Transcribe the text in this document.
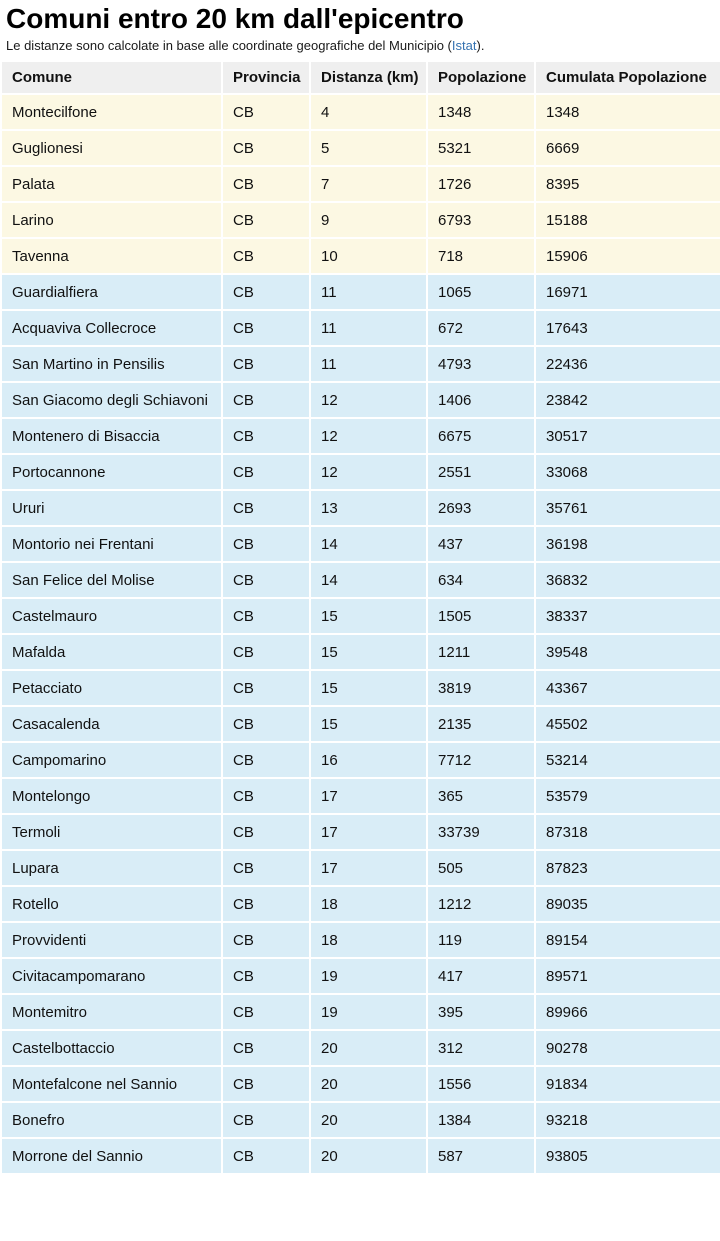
Comuni entro 20 km dall'epicentro

Le distanze sono calcolate in base alle coordinate geografiche del Municipio (Istat).

Comune	Provincia	Distanza (km)	Popolazione	Cumulata Popolazione
Montecilfone	CB	4	1348	1348
Guglionesi	CB	5	5321	6669
Palata	CB	7	1726	8395
Larino	CB	9	6793	15188
Tavenna	CB	10	718	15906
Guardialfiera	CB	11	1065	16971
Acquaviva Collecroce	CB	11	672	17643
San Martino in Pensilis	CB	11	4793	22436
San Giacomo degli Schiavoni	CB	12	1406	23842
Montenero di Bisaccia	CB	12	6675	30517
Portocannone	CB	12	2551	33068
Ururi	CB	13	2693	35761
Montorio nei Frentani	CB	14	437	36198
San Felice del Molise	CB	14	634	36832
Castelmauro	CB	15	1505	38337
Mafalda	CB	15	1211	39548
Petacciato	CB	15	3819	43367
Casacalenda	CB	15	2135	45502
Campomarino	CB	16	7712	53214
Montelongo	CB	17	365	53579
Termoli	CB	17	33739	87318
Lupara	CB	17	505	87823
Rotello	CB	18	1212	89035
Provvidenti	CB	18	119	89154
Civitacampomarano	CB	19	417	89571
Montemitro	CB	19	395	89966
Castelbottaccio	CB	20	312	90278
Montefalcone nel Sannio	CB	20	1556	91834
Bonefro	CB	20	1384	93218
Morrone del Sannio	CB	20	587	93805
